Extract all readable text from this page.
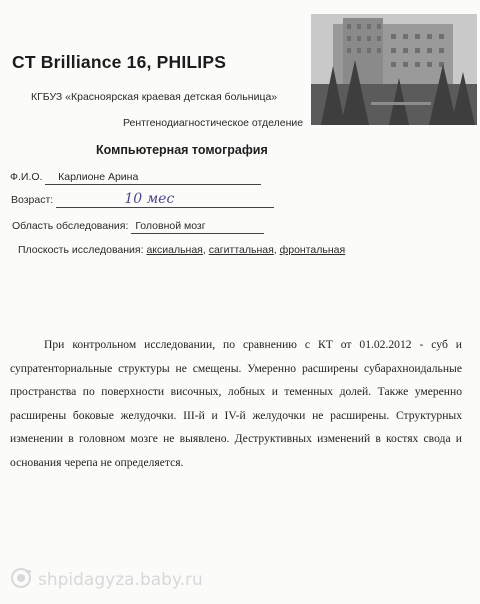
CT Brilliance 16, PHILIPS
КГБУЗ «Красноярская краевая детская больница»
Рентгенодиагностическое отделение
Компьютерная томография
Ф.И.О. Карлионе Арина
Возраст:	10 мес
Область обследования: Головной мозг
Плоскость исследования: аксиальная, сагиттальная, фронтальная
При контрольном исследовании, по сравнению с КТ от 01.02.2012 - суб и супратенториальные структуры не смещены. Умеренно расширены субарахноидальные пространства по поверхности височных, лобных и теменных долей. Также умеренно расширены боковые желудочки. III-й и IV-й желудочки не расширены. Структурных изменении в головном мозге не выявлено. Деструктивных изменений в костях свода и основания черепа не определяется.
shpidagyza.baby.ru
